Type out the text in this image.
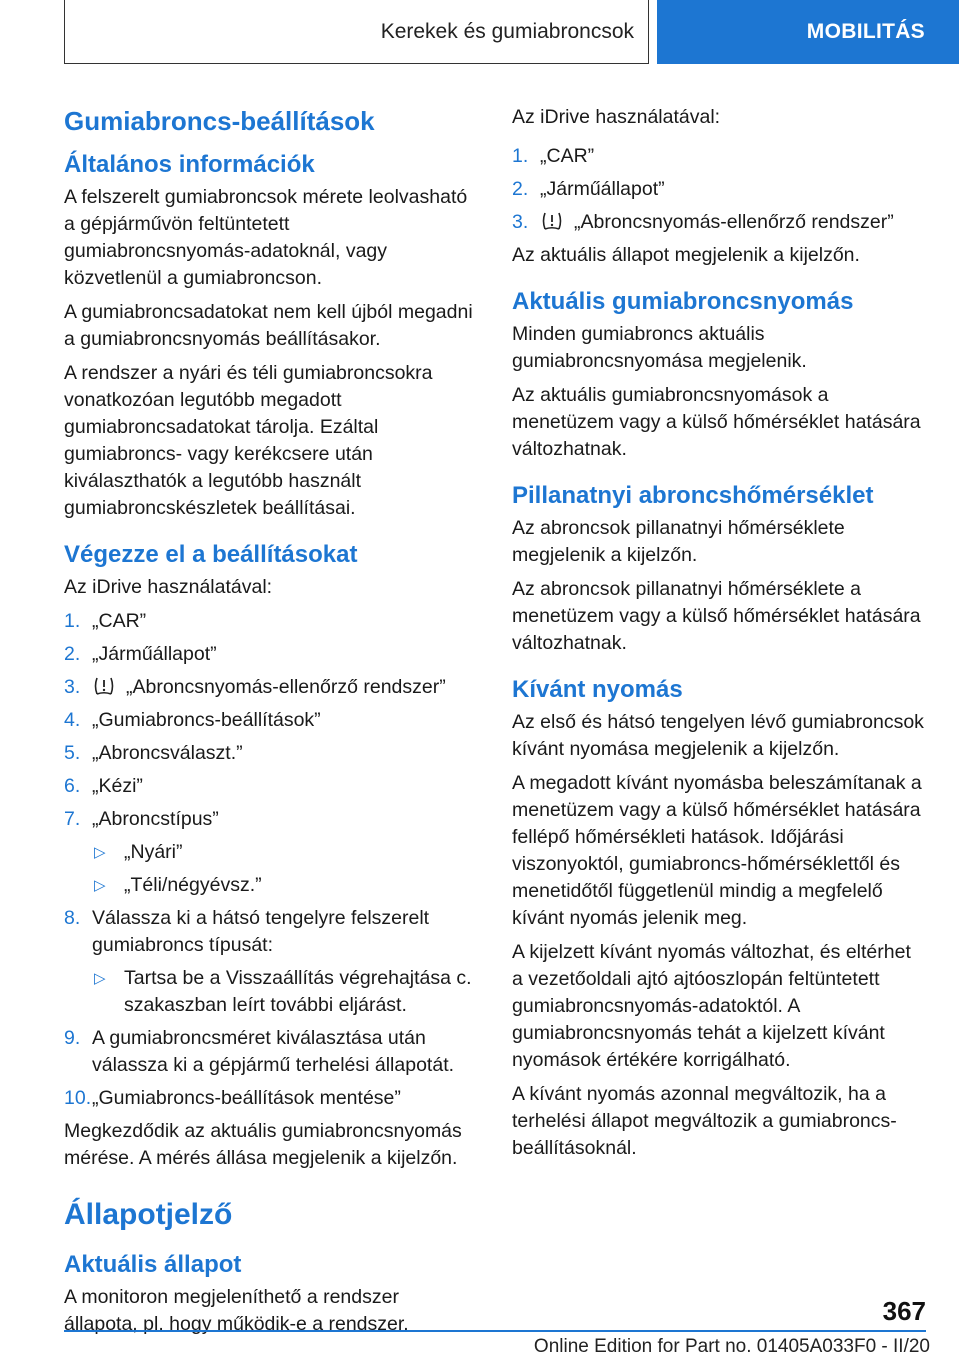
Kerekek és gumiabroncsok	MOBILITÁS
Gumiabroncs-beállítások
Általános információk

A felszerelt gumiabroncsok mérete leolvasható a gépjárművön feltüntetett gumiabroncsnyomás-adatoknál, vagy közvetlenül a gumiabroncson.

A gumiabroncsadatokat nem kell újból megadni a gumiabroncsnyomás beállításakor.

A rendszer a nyári és téli gumiabroncsokra vonatkozóan legutóbb megadott gumiabroncsadatokat tárolja. Ezáltal gumiabroncs- vagy kerékcsere után kiválaszthatók a legutóbb használt gumiabroncskészletek beállításai.

Végezze el a beállításokat

Az iDrive használatával:

1. „CAR”
2. „Járműállapot”
3. „Abroncsnyomás-ellenőrző rendszer”
4. „Gumiabroncs-beállítások”
5. „Abroncsválaszt.”
6. „Kézi”
7. „Abroncstípus”
▷ „Nyári”
▷ „Téli/négyévsz.”
8. Válassza ki a hátsó tengelyre felszerelt gumiabroncs típusát:
▷ Tartsa be a Visszaállítás végrehajtása c. szakaszban leírt további eljárást.
9. A gumiabroncsméret kiválasztása után válassza ki a gépjármű terhelési állapotát.
10. „Gumiabroncs-beállítások mentése”

Megkezdődik az aktuális gumiabroncsnyomás mérése. A mérés állása megjelenik a kijelzőn.

Állapotjelző
Aktuális állapot

A monitoron megjeleníthető a rendszer állapota, pl. hogy működik-e a rendszer.

Az iDrive használatával:

1. „CAR”
2. „Járműállapot”
3. „Abroncsnyomás-ellenőrző rendszer”

Az aktuális állapot megjelenik a kijelzőn.

Aktuális gumiabroncsnyomás

Minden gumiabroncs aktuális gumiabroncsnyomása megjelenik.

Az aktuális gumiabroncsnyomások a menetüzem vagy a külső hőmérséklet hatására változhatnak.

Pillanatnyi abroncshőmérséklet

Az abroncsok pillanatnyi hőmérséklete megjelenik a kijelzőn.

Az abroncsok pillanatnyi hőmérséklete a menetüzem vagy a külső hőmérséklet hatására változhatnak.

Kívánt nyomás

Az első és hátsó tengelyen lévő gumiabroncsok kívánt nyomása megjelenik a kijelzőn.

A megadott kívánt nyomásba beleszámítanak a menetüzem vagy a külső hőmérséklet hatására fellépő hőmérsékleti hatások. Időjárási viszonyoktól, gumiabroncs-hőmérséklettől és menetidőtől függetlenül mindig a megfelelő kívánt nyomás jelenik meg.

A kijelzett kívánt nyomás változhat, és eltérhet a vezetőoldali ajtó ajtóoszlopán feltüntetett gumiabroncsnyomás-adatoktól. A gumiabroncsnyomás tehát a kijelzett kívánt nyomások értékére korrigálható.

A kívánt nyomás azonnal megváltozik, ha a terhelési állapot megváltozik a gumiabroncs-beállításoknál.

367
Online Edition for Part no. 01405A033F0 - II/20
